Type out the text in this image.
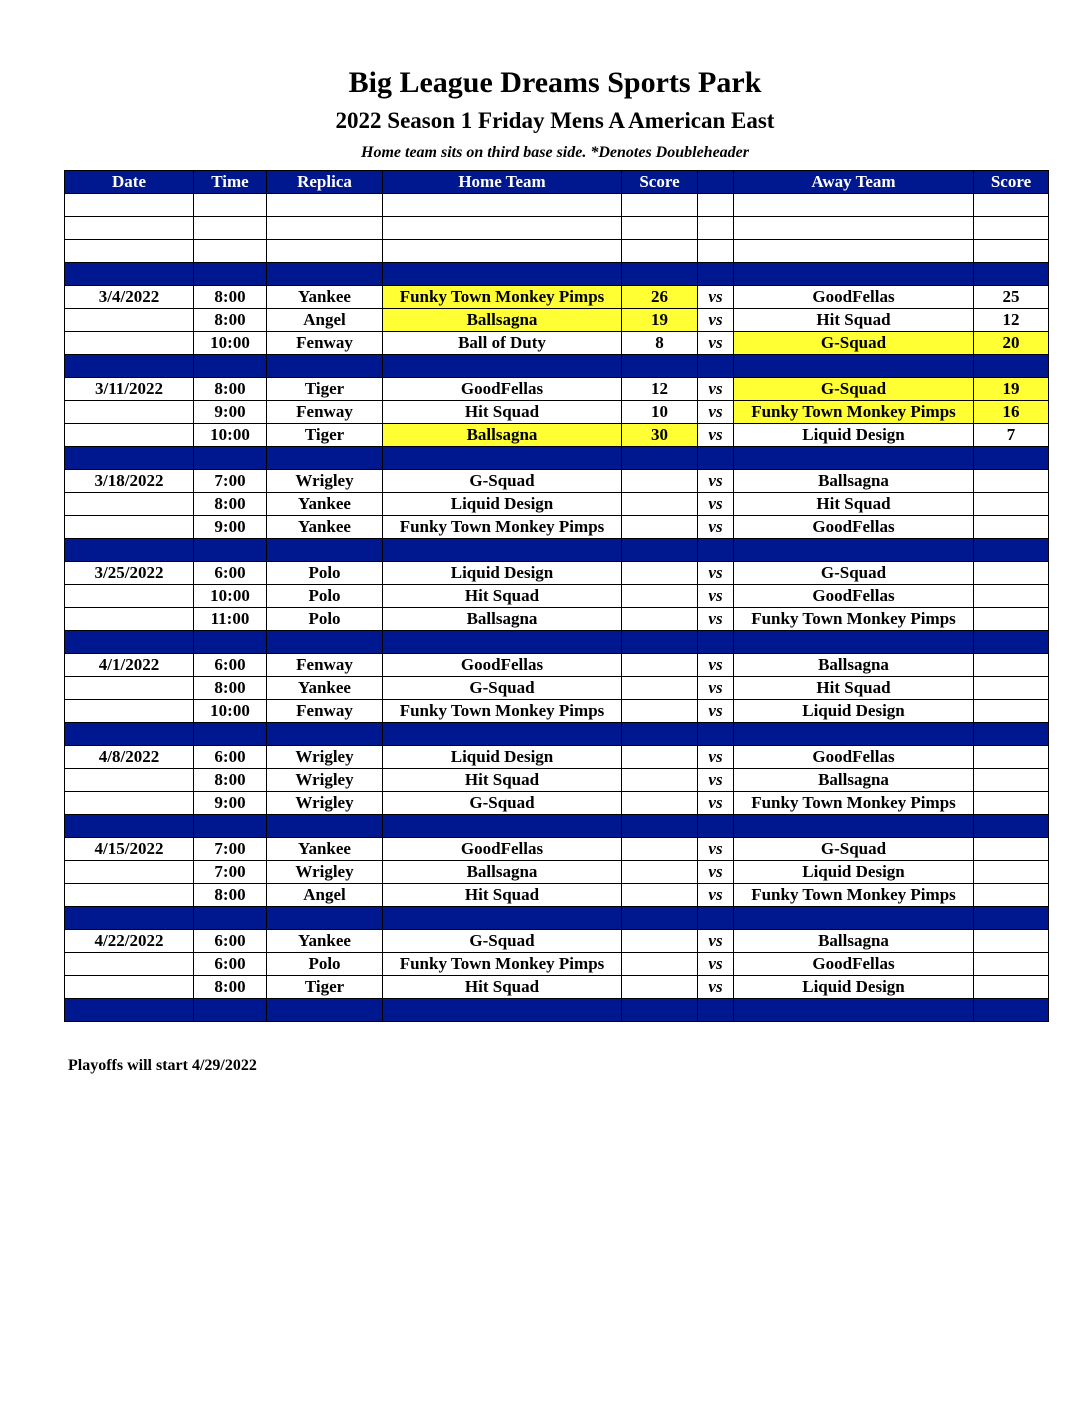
Big League Dreams Sports Park
2022 Season 1 Friday Mens A American East
Home team sits on third base side. *Denotes Doubleheader
Date	Time	Replica	Home Team	Score		Away Team	Score

3/4/2022	8:00	Yankee	Funky Town Monkey Pimps	26	vs	GoodFellas	25
	8:00	Angel	Ballsagna	19	vs	Hit Squad	12
	10:00	Fenway	Ball of Duty	8	vs	G-Squad	20

3/11/2022	8:00	Tiger	GoodFellas	12	vs	G-Squad	19
	9:00	Fenway	Hit Squad	10	vs	Funky Town Monkey Pimps	16
	10:00	Tiger	Ballsagna	30	vs	Liquid Design	7

3/18/2022	7:00	Wrigley	G-Squad		vs	Ballsagna	
	8:00	Yankee	Liquid Design		vs	Hit Squad	
	9:00	Yankee	Funky Town Monkey Pimps		vs	GoodFellas	

3/25/2022	6:00	Polo	Liquid Design		vs	G-Squad	
	10:00	Polo	Hit Squad		vs	GoodFellas	
	11:00	Polo	Ballsagna		vs	Funky Town Monkey Pimps	

4/1/2022	6:00	Fenway	GoodFellas		vs	Ballsagna	
	8:00	Yankee	G-Squad		vs	Hit Squad	
	10:00	Fenway	Funky Town Monkey Pimps		vs	Liquid Design	

4/8/2022	6:00	Wrigley	Liquid Design		vs	GoodFellas	
	8:00	Wrigley	Hit Squad		vs	Ballsagna	
	9:00	Wrigley	G-Squad		vs	Funky Town Monkey Pimps	

4/15/2022	7:00	Yankee	GoodFellas		vs	G-Squad	
	7:00	Wrigley	Ballsagna		vs	Liquid Design	
	8:00	Angel	Hit Squad		vs	Funky Town Monkey Pimps	

4/22/2022	6:00	Yankee	G-Squad		vs	Ballsagna	
	6:00	Polo	Funky Town Monkey Pimps		vs	GoodFellas	
	8:00	Tiger	Hit Squad		vs	Liquid Design	

Playoffs will start 4/29/2022
